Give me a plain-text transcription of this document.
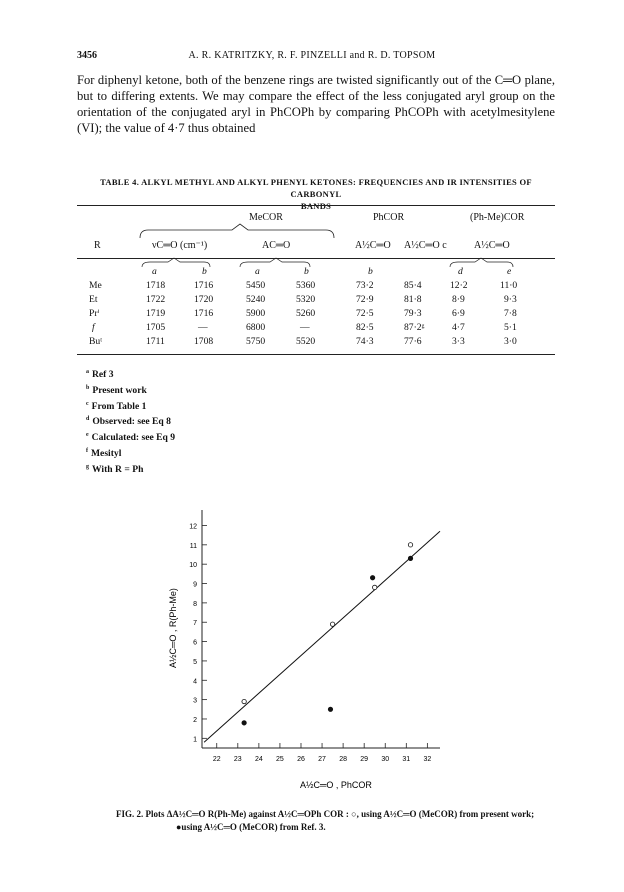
3456	A. R. KATRITZKY, R. F. PINZELLI and R. D. TOPSOM
For diphenyl ketone, both of the benzene rings are twisted significantly out of the C═O plane, but to differing extents. We may compare the effect of the less conjugated aryl group on the orientation of the conjugated aryl in PhCOPh by comparing PhCOPh with acetylmesitylene (VI); the value of 4·7 thus obtained
TABLE 4. ALKYL METHYL AND ALKYL PHENYL KETONES: FREQUENCIES AND IR INTENSITIES OF CARBONYL
BANDS
MeCOR	PhCOR	(Ph-Me)COR
R	νC═O (cm⁻¹)	AC═O	A½C═O A½C═O c	A½C═O
a	b	a	b	b	d	e
Me	1718	1716	5450	5360	73·2	85·4	12·2	11·0
Et	1722	1720	5240	5320	72·9	81·8	8·9	9·3
Prⁱ	1719	1716	5900	5260	72·5	79·3	6·9	7·8
f	1705	—	6800	—	82·5	87·2ᵍ	4·7	5·1
Buᵗ	1711	1708	5750	5520	74·3	77·6	3·3	3·0
$^a$ Ref 3
$^b$ Present work
$^c$ From Table 1
$^d$ Observed: see Eq 8
$^e$ Calculated: see Eq 9
$^f$ Mesityl
$^g$ With R = Ph
22 23 24 25 26 27 28 29 30 31 32
1
2
3
4
5
6
7
8
9
10
11
12
A½C═O , PhCOR
A½C═O , R(Ph-Me)
FIG. 2. Plots ΔA½C═O R(Ph-Me) against A½C═OPh COR : ○, using A½C═O (MeCOR) from present work;
●using A½C═O (MeCOR) from Ref. 3.
